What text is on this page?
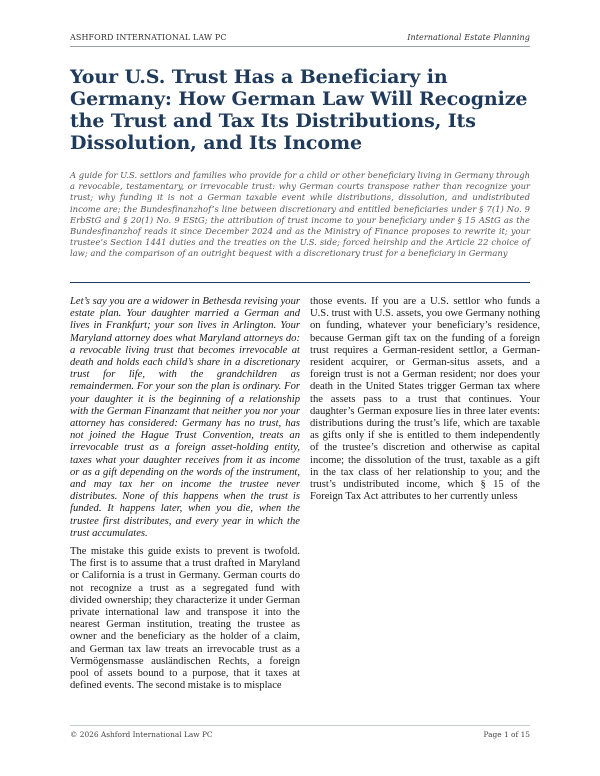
ASHFORD INTERNATIONAL LAW PC	International Estate Planning
Your U.S. Trust Has a Beneficiary in Germany: How German Law Will Recognize the Trust and Tax Its Distributions, Its Dissolution, and Its Income

A guide for U.S. settlors and families who provide for a child or other beneficiary living in Germany through a revocable, testamentary, or irrevocable trust: why German courts transpose rather than recognize your trust; why funding it is not a German taxable event while distributions, dissolution, and undistributed income are; the Bundesfinanzhof’s line between discretionary and entitled beneficiaries under § 7(1) No. 9 ErbStG and § 20(1) No. 9 EStG; the attribution of trust income to your beneficiary under § 15 AStG as the Bundesfinanzhof reads it since December 2024 and as the Ministry of Finance proposes to rewrite it; your trustee’s Section 1441 duties and the treaties on the U.S. side; forced heirship and the Article 22 choice of law; and the comparison of an outright bequest with a discretionary trust for a beneficiary in Germany

Let’s say you are a widower in Bethesda revising your estate plan. Your daughter married a German and lives in Frankfurt; your son lives in Arlington. Your Maryland attorney does what Maryland attorneys do: a revocable living trust that becomes irrevocable at death and holds each child’s share in a discretionary trust for life, with the grandchildren as remaindermen. For your son the plan is ordinary. For your daughter it is the beginning of a relationship with the German Finanzamt that neither you nor your attorney has considered: Germany has no trust, has not joined the Hague Trust Convention, treats an irrevocable trust as a foreign asset-holding entity, taxes what your daughter receives from it as income or as a gift depending on the words of the instrument, and may tax her on income the trustee never distributes. None of this happens when the trust is funded. It happens later, when you die, when the trustee first distributes, and every year in which the trust accumulates.

The mistake this guide exists to prevent is twofold. The first is to assume that a trust drafted in Maryland or California is a trust in Germany. German courts do not recognize a trust as a segregated fund with divided ownership; they characterize it under German private international law and transpose it into the nearest German institution, treating the trustee as owner and the beneficiary as the holder of a claim, and German tax law treats an irrevocable trust as a Vermögensmasse ausländischen Rechts, a foreign pool of assets bound to a purpose, that it taxes at defined events. The second mistake is to misplace

those events. If you are a U.S. settlor who funds a U.S. trust with U.S. assets, you owe Germany nothing on funding, whatever your beneficiary’s residence, because German gift tax on the funding of a foreign trust requires a German-resident settlor, a German-resident acquirer, or German-situs assets, and a foreign trust is not a German resident; nor does your death in the United States trigger German tax where the assets pass to a trust that continues. Your daughter’s German exposure lies in three later events: distributions during the trust’s life, which are taxable as gifts only if she is entitled to them independently of the trustee’s discretion and otherwise as capital income; the dissolution of the trust, taxable as a gift in the tax class of her relationship to you; and the trust’s undistributed income, which § 15 of the Foreign Tax Act attributes to her currently unless

© 2026 Ashford International Law PC	Page 1 of 15
